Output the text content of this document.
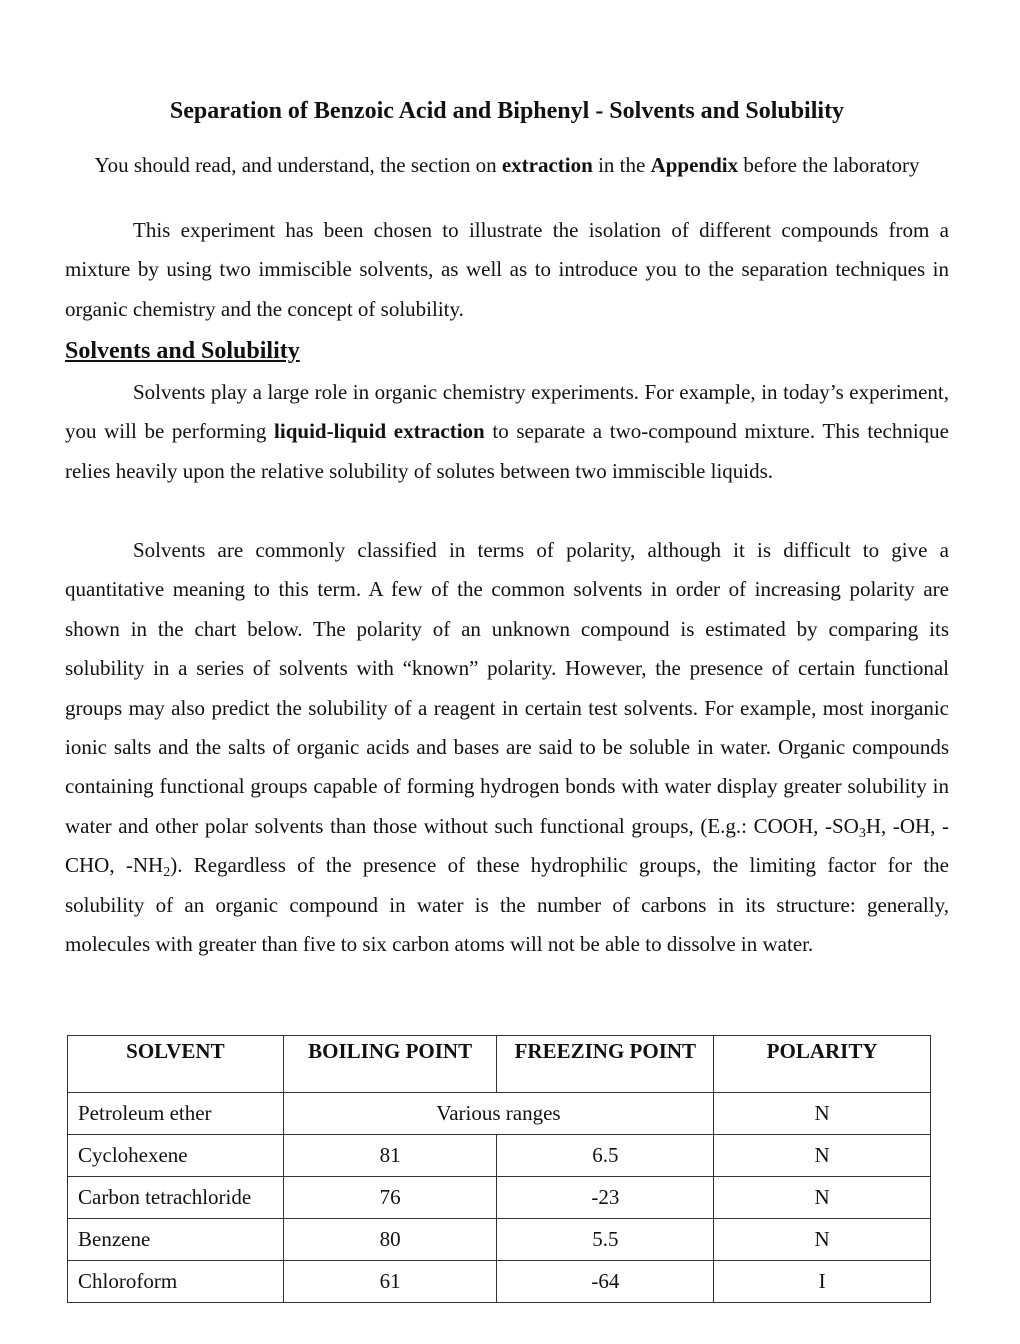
Separation of Benzoic Acid and Biphenyl - Solvents and Solubility
You should read, and understand, the section on extraction in the Appendix before the laboratory

This experiment has been chosen to illustrate the isolation of different compounds from a mixture by using two immiscible solvents, as well as to introduce you to the separation techniques in organic chemistry and the concept of solubility.

Solvents and Solubility

Solvents play a large role in organic chemistry experiments. For example, in today’s experiment, you will be performing liquid-liquid extraction to separate a two-compound mixture. This technique relies heavily upon the relative solubility of solutes between two immiscible liquids.

Solvents are commonly classified in terms of polarity, although it is difficult to give a quantitative meaning to this term. A few of the common solvents in order of increasing polarity are shown in the chart below. The polarity of an unknown compound is estimated by comparing its solubility in a series of solvents with “known” polarity. However, the presence of certain functional groups may also predict the solubility of a reagent in certain test solvents. For example, most inorganic ionic salts and the salts of organic acids and bases are said to be soluble in water. Organic compounds containing functional groups capable of forming hydrogen bonds with water display greater solubility in water and other polar solvents than those without such functional groups, (E.g.: COOH, $-SO_3H$, -OH, -CHO, $-NH_2$). Regardless of the presence of these hydrophilic groups, the limiting factor for the solubility of an organic compound in water is the number of carbons in its structure: generally, molecules with greater than five to six carbon atoms will not be able to dissolve in water.

SOLVENT	BOILING POINT	FREEZING POINT	POLARITY
Petroleum ether	Various ranges		N
Cyclohexene	81	6.5	N
Carbon tetrachloride	76	-23	N
Benzene	80	5.5	N
Chloroform	61	-64	I
